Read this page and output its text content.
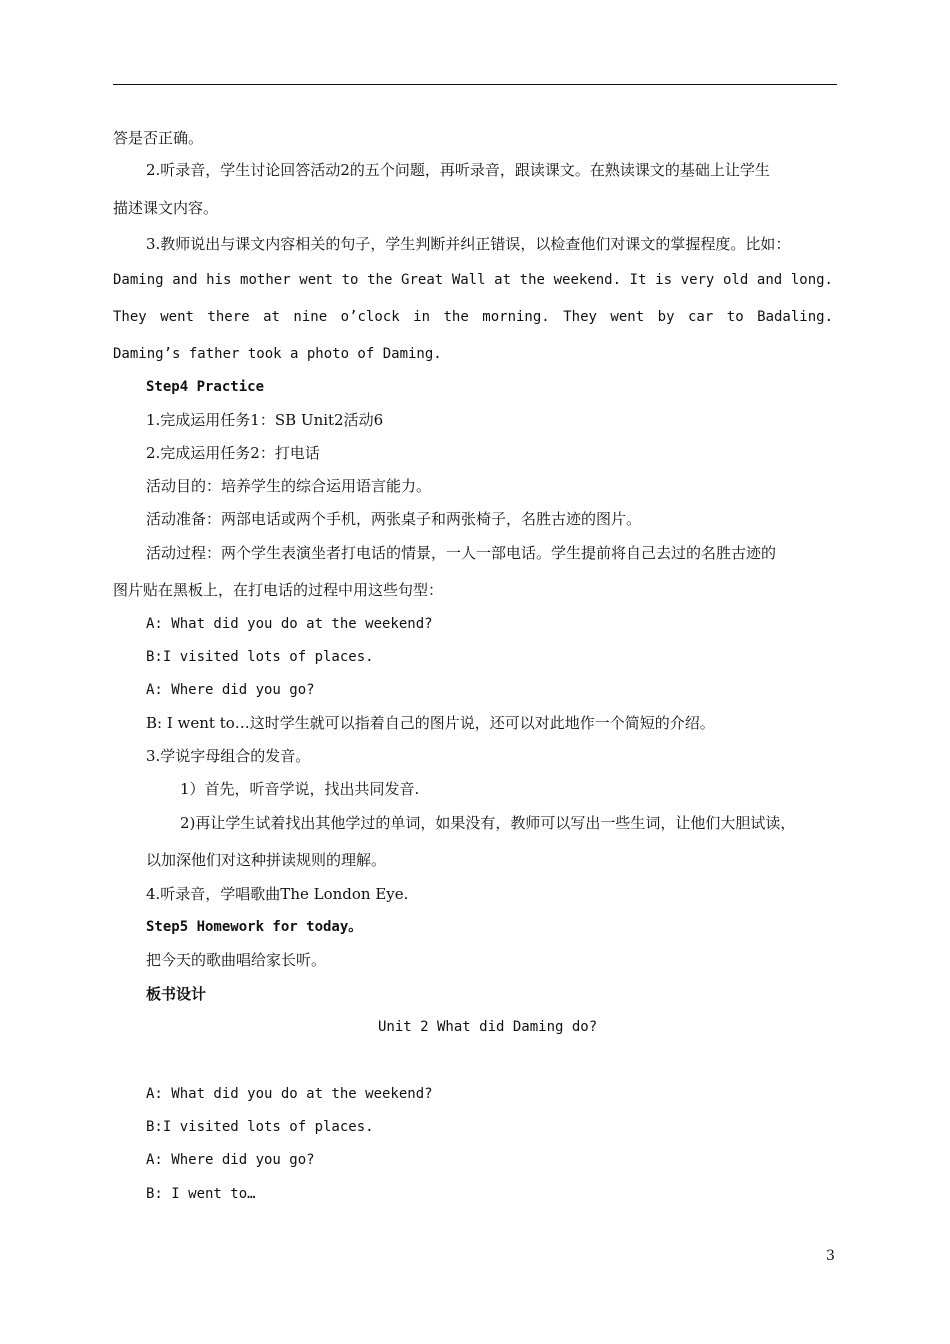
答是否正确。
2.听录音，学生讨论回答活动2的五个问题，再听录音，跟读课文。在熟读课文的基础上让学生
描述课文内容。
3.教师说出与课文内容相关的句子，学生判断并纠正错误，以检查他们对课文的掌握程度。比如：
Daming and his mother went to the Great Wall at the weekend. It is very old and long.
They went there at nine o’clock in the morning. They went by car to Badaling.
Daming’s father took a photo of Daming.
Step4 Practice
1.完成运用任务1：SB Unit2活动6
2.完成运用任务2：打电话
活动目的：培养学生的综合运用语言能力。
活动准备：两部电话或两个手机，两张桌子和两张椅子，名胜古迹的图片。
活动过程：两个学生表演坐者打电话的情景，一人一部电话。学生提前将自己去过的名胜古迹的
图片贴在黑板上，在打电话的过程中用这些句型：
A: What did you do at the weekend?
B:I visited lots of places.
A: Where did you go?
B: I went to…这时学生就可以指着自己的图片说，还可以对此地作一个简短的介绍。
3.学说字母组合的发音。
1）首先，听音学说，找出共同发音.
2)再让学生试着找出其他学过的单词，如果没有，教师可以写出一些生词，让他们大胆试读，
以加深他们对这种拼读规则的理解。
4.听录音，学唱歌曲The London Eye.
Step5 Homework for today。
把今天的歌曲唱给家长听。
板书设计
Unit 2 What did Daming do?
A: What did you do at the weekend?
B:I visited lots of places.
A: Where did you go?
B: I went to…
3
